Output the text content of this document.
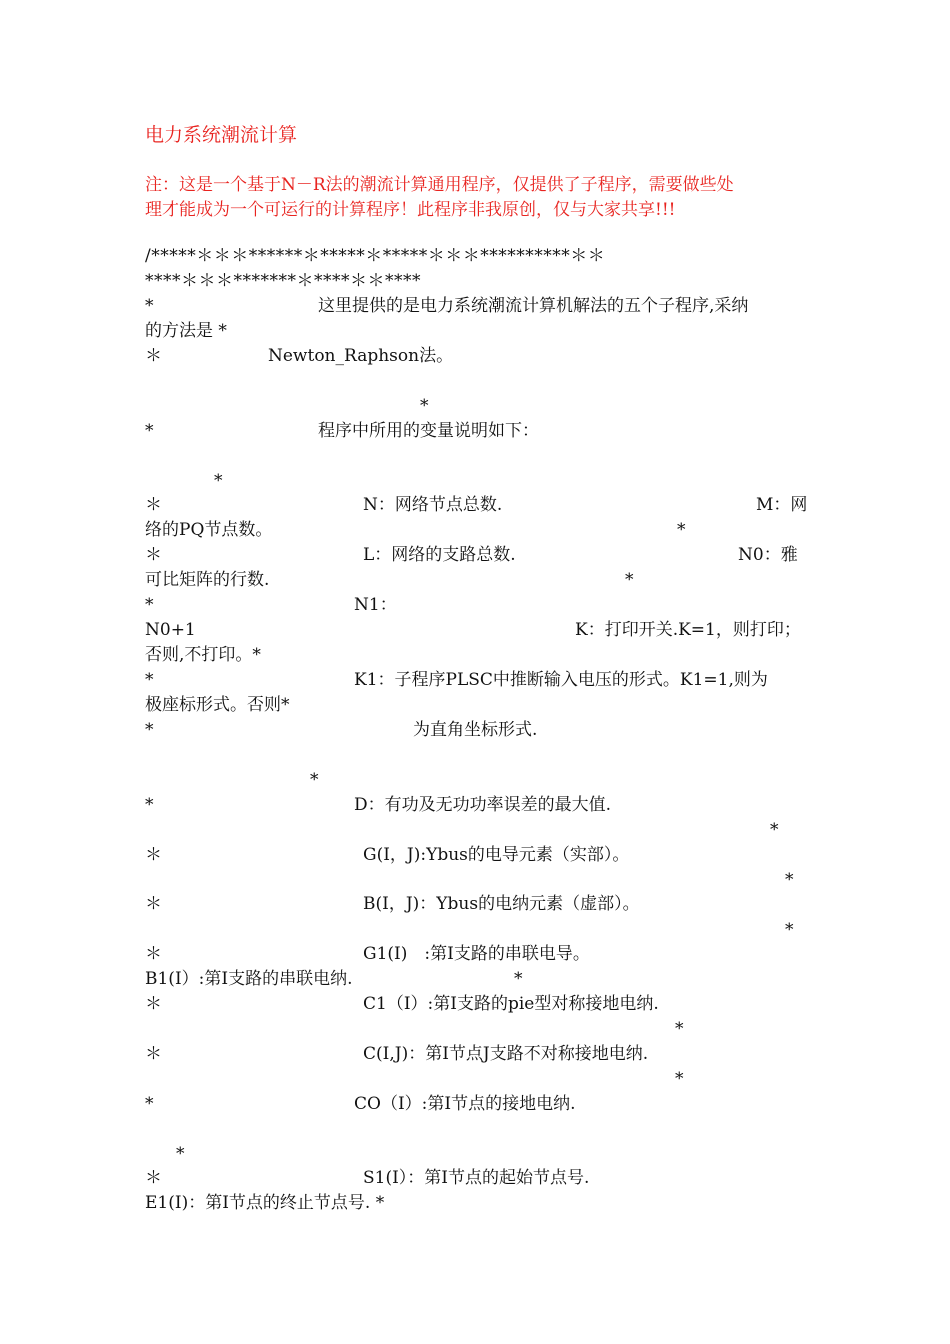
电力系统潮流计算
注：这是一个基于N－R法的潮流计算通用程序，仅提供了子程序，需要做些处
理才能成为一个可运行的计算程序！此程序非我原创，仅与大家共享!!!
/*****＊＊＊******＊*****＊*****＊＊＊**********＊＊
****＊＊＊*******＊****＊＊****
*	这里提供的是电力系统潮流计算机解法的五个子程序,采纳
的方法是 *
＊	Newton_Raphson法。
*
*	程序中所用的变量说明如下：
*
＊	N：网络节点总数.	M：网
络的PQ节点数。	*
＊	L：网络的支路总数.	N0：雅
可比矩阵的行数.	*
*	N1：
N0+1	K：打印开关.K=1，则打印；
否则,不打印。*
*	K1：子程序PLSC中推断输入电压的形式。K1=1,则为
极座标形式。否则*
*	为直角坐标形式.
*
*	D：有功及无功功率误差的最大值.
*
＊	G(I，J):Ybus的电导元素（实部）。
*
＊	B(I，J)：Ybus的电纳元素（虚部）。
*
＊	G1(I)　:第I支路的串联电导。
B1(I）:第I支路的串联电纳.	*
＊	C1（I）:第I支路的pie型对称接地电纳.
*
＊	C(I,J)：第I节点J支路不对称接地电纳.
*
*	CO（I）:第I节点的接地电纳.
*
＊	S1(I）：第I节点的起始节点号.
E1(I)：第I节点的终止节点号. *
